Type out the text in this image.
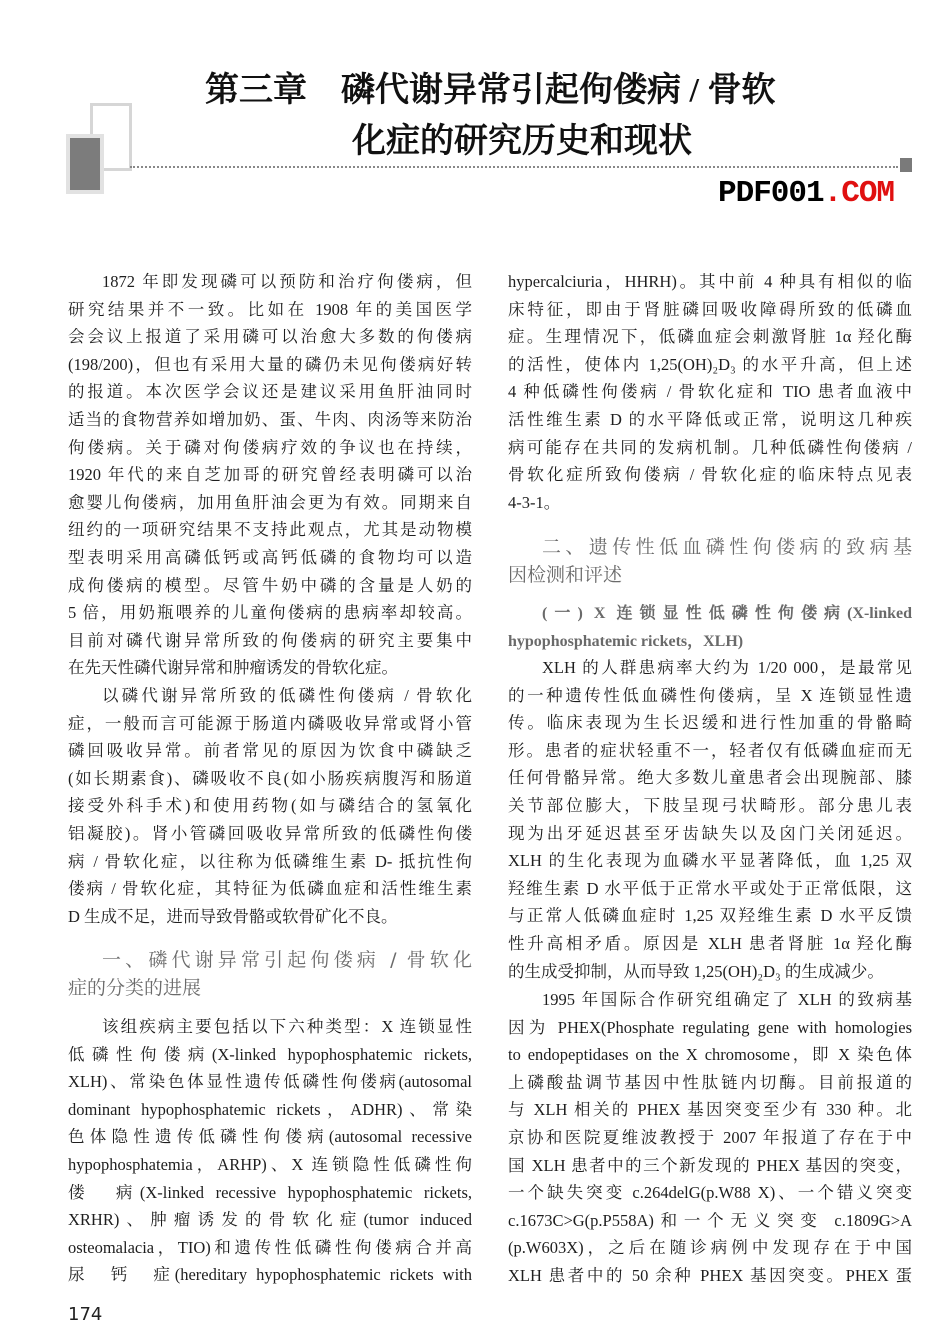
第三章　磷代谢异常引起佝偻病 / 骨软
化症的研究历史和现状
PDF001.COM
1872 年即发现磷可以预防和治疗佝偻病，但
研究结果并不一致。比如在 1908 年的美国医学
会会议上报道了采用磷可以治愈大多数的佝偻病
(198/200)，但也有采用大量的磷仍未见佝偻病好转
的报道。本次医学会议还是建议采用鱼肝油同时
适当的食物营养如增加奶、蛋、牛肉、肉汤等来防治
佝偻病。关于磷对佝偻病疗效的争议也在持续，
1920 年代的来自芝加哥的研究曾经表明磷可以治
愈婴儿佝偻病，加用鱼肝油会更为有效。同期来自
纽约的一项研究结果不支持此观点，尤其是动物模
型表明采用高磷低钙或高钙低磷的食物均可以造
成佝偻病的模型。尽管牛奶中磷的含量是人奶的
5 倍，用奶瓶喂养的儿童佝偻病的患病率却较高。
目前对磷代谢异常所致的佝偻病的研究主要集中
在先天性磷代谢异常和肿瘤诱发的骨软化症。
以磷代谢异常所致的低磷性佝偻病 / 骨软化
症，一般而言可能源于肠道内磷吸收异常或肾小管
磷回吸收异常。前者常见的原因为饮食中磷缺乏
(如长期素食)、磷吸收不良(如小肠疾病腹泻和肠道
接受外科手术)和使用药物(如与磷结合的氢氧化
铝凝胶)。肾小管磷回吸收异常所致的低磷性佝偻
病 / 骨软化症，以往称为低磷维生素 D- 抵抗性佝
偻病 / 骨软化症，其特征为低磷血症和活性维生素
D 生成不足，进而导致骨骼或软骨矿化不良。
一、磷代谢异常引起佝偻病 / 骨软化
症的分类的进展
该组疾病主要包括以下六种类型：X 连锁显性
低磷性佝偻病(X-linked hypophosphatemic rickets,
XLH)、常染色体显性遗传低磷性佝偻病(autosomal
dominant hypophosphatemic rickets，ADHR)、常染
色体隐性遗传低磷性佝偻病(autosomal recessive
hypophosphatemia，ARHP)、X 连锁隐性低磷性佝
偻　病(X-linked recessive hypophosphatemic rickets,
XRHR)、肿瘤诱发的骨软化症(tumor induced
osteomalacia，TIO)和遗传性低磷性佝偻病合并高
尿　钙　症(hereditary hypophosphatemic rickets with
hypercalciuria，HHRH)。其中前 4 种具有相似的临
床特征，即由于肾脏磷回吸收障碍所致的低磷血
症。生理情况下，低磷血症会刺激肾脏 1α 羟化酶
的活性，使体内 1,25(OH)₂D₃ 的水平升高，但上述
4 种低磷性佝偻病 / 骨软化症和 TIO 患者血液中
活性维生素 D 的水平降低或正常，说明这几种疾
病可能存在共同的发病机制。几种低磷性佝偻病 /
骨软化症所致佝偻病 / 骨软化症的临床特点见表
4-3-1。
二、遗传性低血磷性佝偻病的致病基
因检测和评述
(一) X 连锁显性低磷性佝偻病(X-linked
hypophosphatemic rickets，XLH)
XLH 的人群患病率大约为 1/20 000，是最常见
的一种遗传性低血磷性佝偻病，呈 X 连锁显性遗
传。临床表现为生长迟缓和进行性加重的骨骼畸
形。患者的症状轻重不一，轻者仅有低磷血症而无
任何骨骼异常。绝大多数儿童患者会出现腕部、膝
关节部位膨大，下肢呈现弓状畸形。部分患儿表
现为出牙延迟甚至牙齿缺失以及囟门关闭延迟。
XLH 的生化表现为血磷水平显著降低，血 1,25 双
羟维生素 D 水平低于正常水平或处于正常低限，这
与正常人低磷血症时 1,25 双羟维生素 D 水平反馈
性升高相矛盾。原因是 XLH 患者肾脏 1α 羟化酶
的生成受抑制，从而导致 1,25(OH)₂D₃ 的生成减少。
1995 年国际合作研究组确定了 XLH 的致病基
因为 PHEX(Phosphate regulating gene with homologies
to endopeptidases on the X chromosome，即 X 染色体
上磷酸盐调节基因中性肽链内切酶。目前报道的
与 XLH 相关的 PHEX 基因突变至少有 330 种。北
京协和医院夏维波教授于 2007 年报道了存在于中
国 XLH 患者中的三个新发现的 PHEX 基因的突变，
一个缺失突变 c.264delG(p.W88 X)、一个错义突变
c.1673C>G(p.P558A)和一个无义突变 c.1809G>A
(p.W603X)，之后在随诊病例中发现存在于中国
XLH 患者中的 50 余种 PHEX 基因突变。PHEX 蛋
174
